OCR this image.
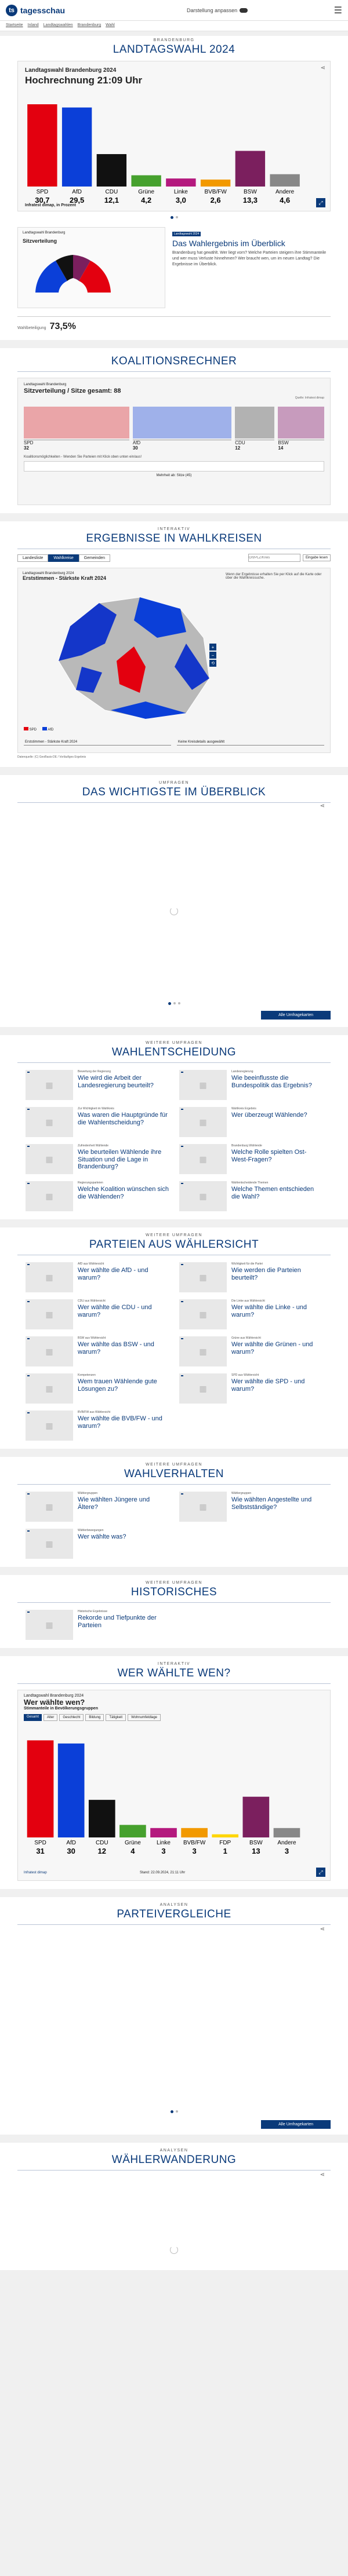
ts tagesschau	Darstellung anpassen	☰
Startseite Inland Landtagswahlen Brandenburg Wahl
BRANDENBURG
LANDTAGSWAHL 2024
⋖
Landtagswahl Brandenburg 2024
Hochrechnung 21:09 Uhr
SPD
30,7
AfD
29,5
CDU
12,1
Grüne
4,2
Linke
3,0
BVB/FW
2,6
BSW
13,3
Andere
4,6
Infratest dimap, in Prozent	⤢
Landtagswahl Brandenburg
Sitzverteilung
Landtagswahl 2024
Das Wahlergebnis im Überblick
Brandenburg hat gewählt. Wer liegt vorn? Welche Parteien steigern ihre Stimmanteile und wer muss Verluste hinnehmen? Wer braucht wen, um im neuen Landtag? Die Ergebnisse im Überblick.
Wahlbeteiligung 73,5%
KOALITIONSRECHNER
Landtagswahl Brandenburg
Sitzverteilung / Sitze gesamt: 88
Quelle: Infratest dimap
SPD
32
AfD
30
CDU
12
BSW
14
Koalitionsmöglichkeiten - Wenden Sie Parteien mit Klick oben unten ein/aus!
Mehrheit ab: Sitze (45)
INTERAKTIV
ERGEBNISSE IN WAHLKREISEN
Landesliste	Wahlkreise	Gemeinden
Ort/PLZ/Kreis	Eingabe lesen
Landtagswahl Brandenburg 2024
Erststimmen - Stärkste Kraft 2024
Wenn der Ergebnisse erhalten Sie per Klick auf die Karte oder über die Wahlkreissuche.
+
−
⟲
SPD	AfD
Erststimmen - Stärkste Kraft 2024	Keine Kreisdetails ausgewählt
Datenquelle: (C) GeoBasis-DE / Vorläufiges Ergebnis
UMFRAGEN
DAS WICHTIGSTE IM ÜBERBLICK
⋖
Alle Umfragekarten
WEITERE UMFRAGEN
WAHLENTSCHEIDUNG
▦
Bewertung der Regierung
Wie wird die Arbeit der Landesregierung beurteilt?	▦
Landesregierung
Wie beeinflusste die Bundespolitik das Ergebnis?
▦
Zur Wichtigkeit im Wahlkreis
Was waren die Hauptgründe für die Wahlentscheidung?	▦
Wahlkreis Ergebnis
Wer überzeugt Wählende?
▦
Zufriedenheit Wählende
Wie beurteilen Wählende ihre Situation und die Lage in Brandenburg?
▦
Brandenburg Wählende
Welche Rolle spielten Ost-West-Fragen?
▦
Regierungsparteien
Welche Koalition wünschen sich die Wählenden?	▦
Wahlentscheidende Themen
Welche Themen entschieden die Wahl?
WEITERE UMFRAGEN
PARTEIEN AUS WÄHLERSICHT
▦
AfD aus Wählersicht
Wer wählte die AfD - und warum?	▦
Wichtigkeit für die Partei
Wie werden die Parteien beurteilt?
▦
CDU aus Wählersicht
Wer wählte die CDU - und warum?	▦
Die Linke aus Wählersicht
Wer wählte die Linke - und warum?
▦
BSW aus Wählersicht
Wer wählte das BSW - und warum?	▦
Grüne aus Wählersicht
Wer wählte die Grünen - und warum?
▦
Kompetenzen
Wem trauen Wählende gute Lösungen zu?	▦
SPD aus Wählersicht
Wer wählte die SPD - und warum?
▦
BVB/FW aus Wählersicht
Wer wählte die BVB/FW - und warum?
WEITERE UMFRAGEN
WAHLVERHALTEN
▦
Wählergruppen
Wie wählten Jüngere und Ältere?	▦
Wählergruppen
Wie wählten Angestellte und Selbstständige?
▦
Wählerbewegungen
Wer wählte was?
WEITERE UMFRAGEN
HISTORISCHES
▦
Historische Ergebnisse
Rekorde und Tiefpunkte der Parteien
INTERAKTIV
WER WÄHLTE WEN?
Landtagswahl Brandenburg 2024
Wer wählte wen?
Stimmanteile in Bevölkerungsgruppen
Gesamt	Alter	Geschlecht	Bildung	Tätigkeit	Wohnumfeldlage
SPD
31
AfD
30
CDU
12
Grüne
4
Linke
3
BVB/FW
3
FDP
1
BSW
13
Andere
3
Infratest dimap	Stand: 22.09.2024, 21:11 Uhr	⤢
ANALYSEN
PARTEIVERGLEICHE
⋖
Alle Umfragekarten
ANALYSEN
WÄHLERWANDERUNG
⋖
